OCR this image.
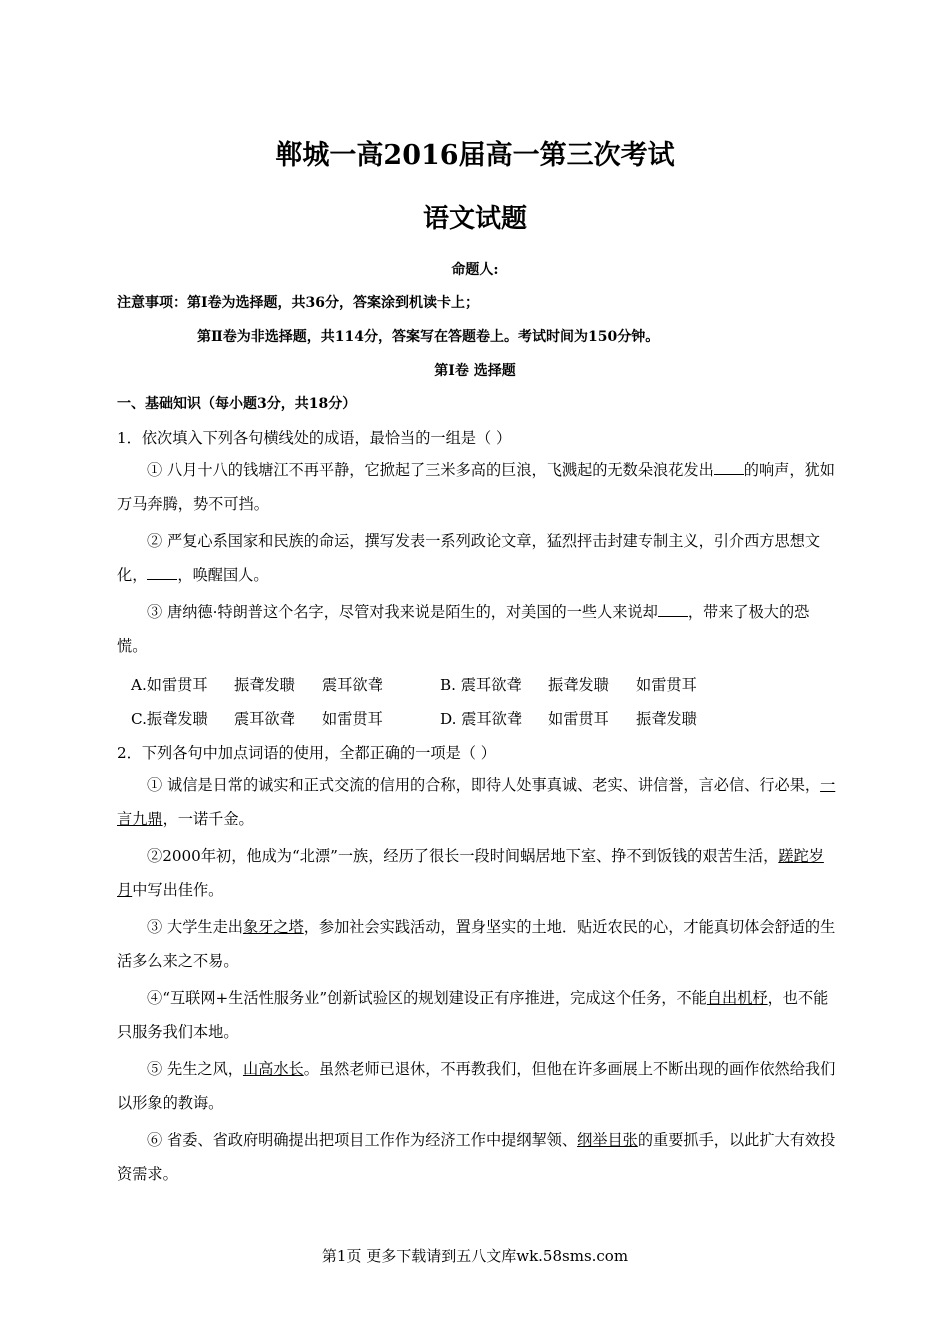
郸城一高2016届高一第三次考试
语文试题
命题人:
注意事项：第Ⅰ卷为选择题，共36分，答案涂到机读卡上；
第Ⅱ卷为非选择题，共114分，答案写在答题卷上。考试时间为150分钟。
第Ⅰ卷 选择题
一、基础知识（每小题3分，共18分）
1．依次填入下列各句横线处的成语，最恰当的一组是（ ）
① 八月十八的钱塘江不再平静，它掀起了三米多高的巨浪，飞溅起的无数朵浪花发出 的响声，犹如万马奔腾，势不可挡。
② 严复心系国家和民族的命运，撰写发表一系列政论文章，猛烈抨击封建专制主义，引介西方思想文化， ，唤醒国人。
③ 唐纳德·特朗普这个名字，尽管对我来说是陌生的，对美国的一些人来说却 ，带来了极大的恐慌。
A.如雷贯耳 振聋发聩 震耳欲聋	B. 震耳欲聋 振聋发聩 如雷贯耳
C.振聋发聩 震耳欲聋 如雷贯耳	D. 震耳欲聋 如雷贯耳 振聋发聩
2．下列各句中加点词语的使用，全都正确的一项是（ ）
① 诚信是日常的诚实和正式交流的信用的合称，即待人处事真诚、老实、讲信誉，言必信、行必果，一言九鼎，一诺千金。
②2000年初，他成为“北漂”一族，经历了很长一段时间蜗居地下室、挣不到饭钱的艰苦生活，蹉跎岁月中写出佳作。
③ 大学生走出象牙之塔，参加社会实践活动，置身坚实的土地．贴近农民的心，才能真切体会舒适的生活多么来之不易。
④“互联网+生活性服务业”创新试验区的规划建设正有序推进，完成这个任务，不能自出机杼，也不能只服务我们本地。
⑤ 先生之风，山高水长。虽然老师已退休，不再教我们，但他在许多画展上不断出现的画作依然给我们以形象的教诲。
⑥ 省委、省政府明确提出把项目工作作为经济工作中提纲挈领、纲举目张的重要抓手，以此扩大有效投资需求。
第1页 更多下载请到五八文库wk.58sms.com
